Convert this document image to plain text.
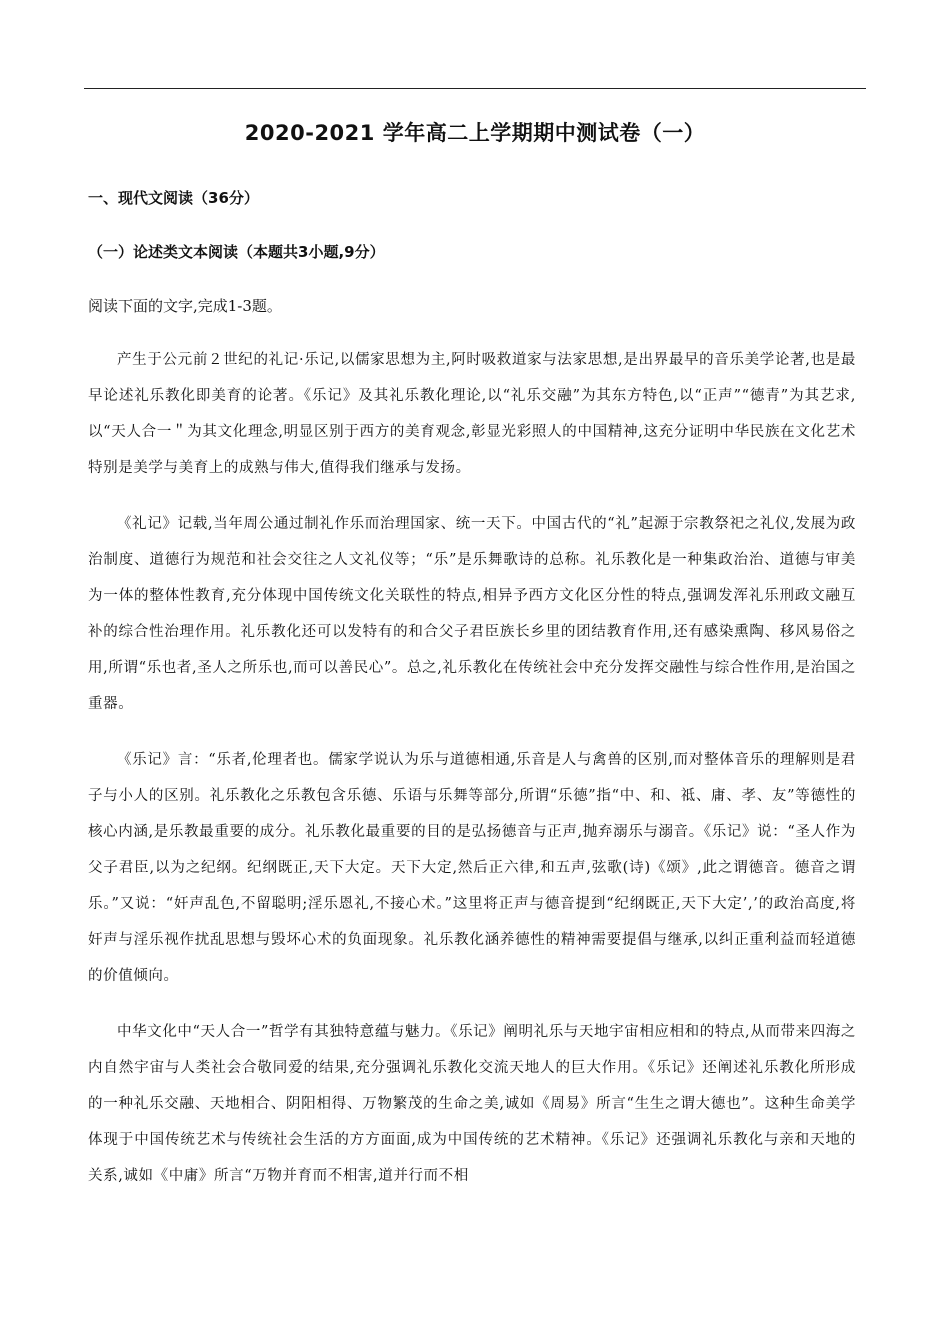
2020-2021 学年高二上学期期中测试卷（一）
一、现代文阅读（36分）
（一）论述类文本阅读（本题共3小题,9分）
阅读下面的文字,完成1-3题。

产生于公元前２世纪的礼记·乐记,以儒家思想为主,阿时吸救道家与法家思想,是出界最早的音乐美学论著,也是最早论述礼乐教化即美育的论著。《乐记》及其礼乐教化理论,以“礼乐交融”为其东方特色,以“正声”“德青”为其艺求,以“天人合一＂为其文化理念,明显区别于西方的美育观念,彰显光彩照人的中国精神,这充分证明中华民族在文化艺术特别是美学与美育上的成熟与伟大,值得我们继承与发扬。

《礼记》记载,当年周公通过制礼作乐而治理国家、统一天下。中国古代的“礼”起源于宗教祭祀之礼仪,发展为政治制度、道德行为规范和社会交往之人文礼仪等；“乐”是乐舞歌诗的总称。礼乐教化是一种集政治治、道德与审美为一体的整体性教育,充分体现中国传统文化关联性的特点,相异予西方文化区分性的特点,强调发浑礼乐刑政文融互补的综合性治理作用。礼乐教化还可以发特有的和合父子君臣族长乡里的团结教育作用,还有感染熏陶、移风易俗之用,所谓“乐也者,圣人之所乐也,而可以善民心”。总之,礼乐教化在传统社会中充分发挥交融性与综合性作用,是治国之重器。

《乐记》言：“乐者,伦理者也。儒家学说认为乐与道德相通,乐音是人与禽兽的区别,而对整体音乐的理解则是君子与小人的区别。礼乐教化之乐教包含乐德、乐语与乐舞等部分,所谓“乐德”指“中、和、祗、庸、孝、友”等德性的核心内涵,是乐教最重要的成分。礼乐教化最重要的目的是弘扬德音与正声,抛弃溺乐与溺音。《乐记》说：“圣人作为父子君臣,以为之纪纲。纪纲既正,天下大定。天下大定,然后正六律,和五声,弦歌(诗)《颂》,此之谓德音。德音之谓乐。”又说：“奸声乱色,不留聪明;淫乐恩礼,不接心术。”这里将正声与德音提到“纪纲既正,天下大定’,’的政治高度,将奸声与淫乐视作扰乱思想与毁坏心术的负面现象。礼乐教化涵养德性的精神需要提倡与继承,以纠正重利益而轻道德的价值倾向。

中华文化中“天人合一”哲学有其独特意蕴与魅力。《乐记》阐明礼乐与天地宇宙相应相和的特点,从而带来四海之内自然宇宙与人类社会合敬同爱的结果,充分强调礼乐教化交流天地人的巨大作用。《乐记》还阐述礼乐教化所形成的一种礼乐交融、天地相合、阴阳相得、万物繁茂的生命之美,诚如《周易》所言“生生之谓大德也”。这种生命美学体现于中国传统艺术与传统社会生活的方方面面,成为中国传统的艺术精神。《乐记》还强调礼乐教化与亲和天地的关系,诚如《中庸》所言“万物并育而不相害,道并行而不相
